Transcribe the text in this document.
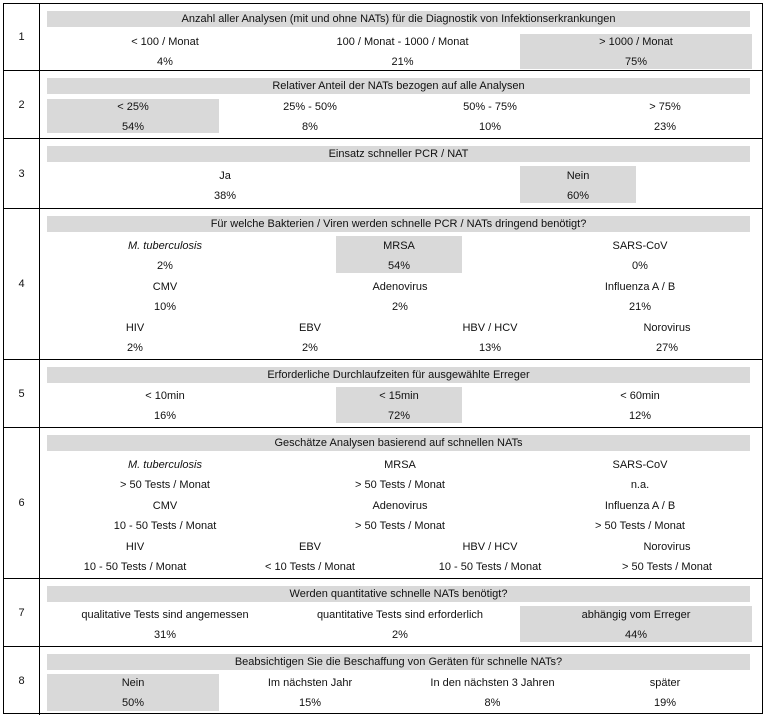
1
Anzahl aller Analysen (mit und ohne NATs) für die Diagnostik von Infektionserkrankungen
< 100 / Monat
4%
100 / Monat - 1000 / Monat
21%
> 1000 / Monat
75%
2
Relativer Anteil der NATs bezogen auf alle Analysen
< 25%
54%
25% - 50%
8%
50% - 75%
10%
> 75%
23%
3
Einsatz schneller PCR / NAT
Ja
38%
Nein
60%
4
Für welche Bakterien / Viren werden schnelle PCR / NATs dringend benötigt?
M. tuberculosis
2%
MRSA
54%
SARS-CoV
0%
CMV
10%
Adenovirus
2%
Influenza A / B
21%
HIV
2%
EBV
2%
HBV / HCV
13%
Norovirus
27%
5
Erforderliche Durchlaufzeiten für ausgewählte Erreger
< 10min
16%
< 15min
72%
< 60min
12%
6
Geschätze Analysen basierend auf schnellen NATs
M. tuberculosis
> 50 Tests / Monat
MRSA
> 50 Tests / Monat
SARS-CoV
n.a.
CMV
10 - 50 Tests / Monat
Adenovirus
> 50 Tests / Monat
Influenza A / B
> 50 Tests / Monat
HIV
10 - 50 Tests / Monat
EBV
< 10 Tests / Monat
HBV / HCV
10 - 50 Tests / Monat
Norovirus
> 50 Tests / Monat
7
Werden quantitative schnelle NATs benötigt?
qualitative Tests sind angemessen
31%
quantitative Tests sind erforderlich
2%
abhängig vom Erreger
44%
8
Beabsichtigen Sie die Beschaffung von Geräten für schnelle NATs?
Nein
50%
Im nächsten Jahr
15%
In den nächsten 3 Jahren
8%
später
19%
